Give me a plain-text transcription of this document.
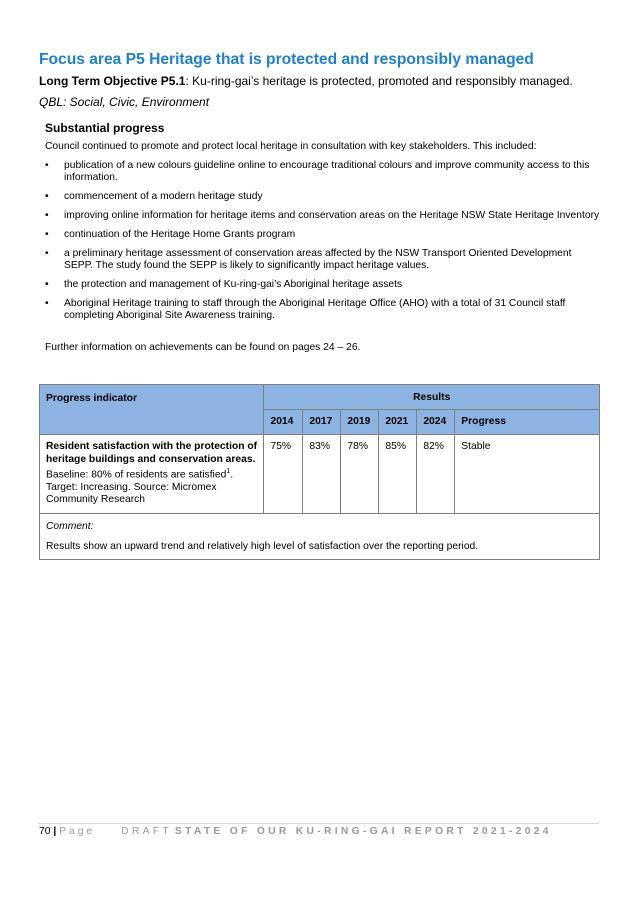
Focus area P5 Heritage that is protected and responsibly managed
Long Term Objective P5.1: Ku-ring-gai’s heritage is protected, promoted and responsibly managed.
QBL: Social, Civic, Environment
Substantial progress
Council continued to promote and protect local heritage in consultation with key stakeholders. This included:
• publication of a new colours guideline online to encourage traditional colours and improve community access to this information.
• commencement of a modern heritage study
• improving online information for heritage items and conservation areas on the Heritage NSW State Heritage Inventory
• continuation of the Heritage Home Grants program
• a preliminary heritage assessment of conservation areas affected by the NSW Transport Oriented Development SEPP. The study found the SEPP is likely to significantly impact heritage values.
• the protection and management of Ku-ring-gai’s Aboriginal heritage assets
• Aboriginal Heritage training to staff through the Aboriginal Heritage Office (AHO) with a total of 31 Council staff completing Aboriginal Site Awareness training.
Further information on achievements can be found on pages 24 – 26.
Progress indicator	Results					
	2014	2017	2019	2021	2024	Progress
Resident satisfaction with the protection of heritage buildings and conservation areas. Baseline: 80% of residents are satisfied$^1$. Target: Increasing. Source: Micromex Community Research	75%	83%	78%	85%	82%	Stable

Comment:
Results show an upward trend and relatively high level of satisfaction over the reporting period.						
70 | Page	DRAFT STATE OF OUR KU-RING-GAI REPORT 2021-2024
